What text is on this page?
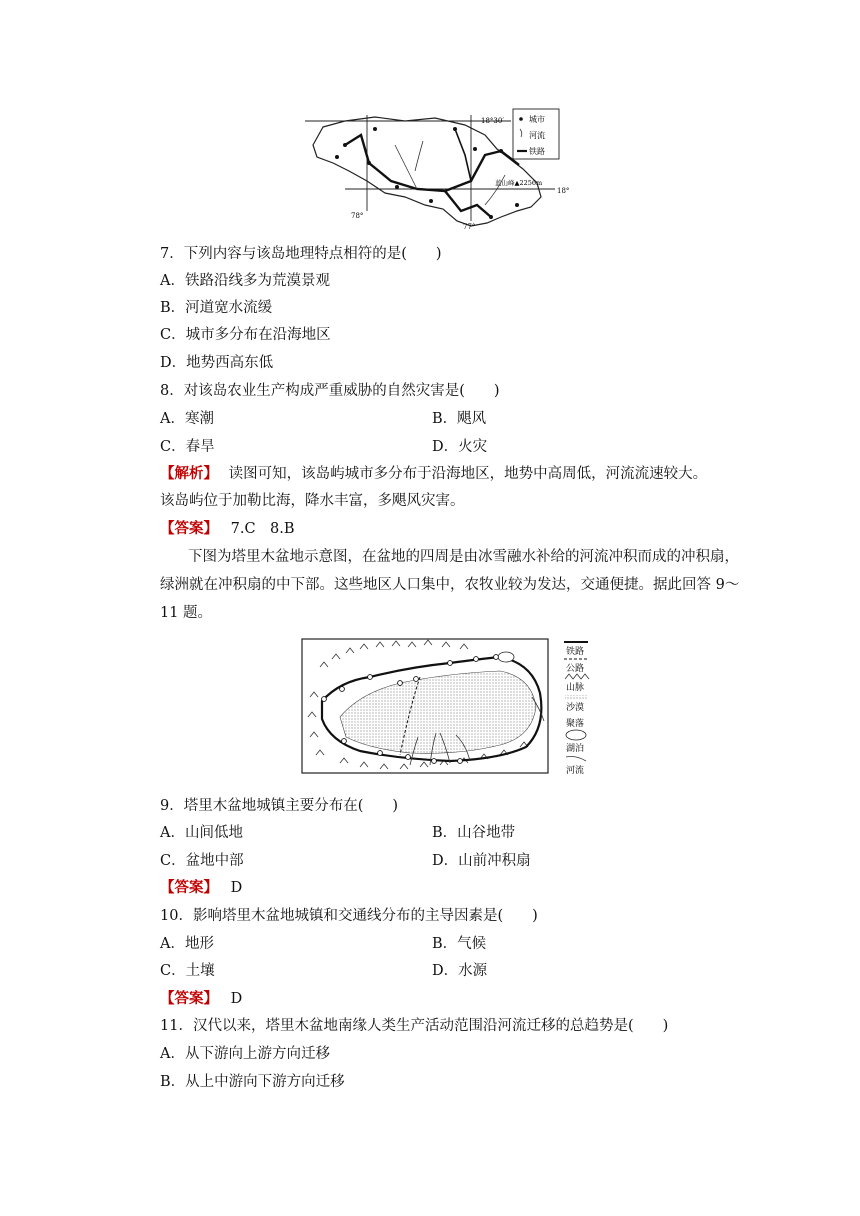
18°30′
18°
78°
77°
蓝山峰▲2256m
城市
河流
铁路
7．下列内容与该岛地理特点相符的是(　　)
A．铁路沿线多为荒漠景观
B．河道宽水流缓
C．城市多分布在沿海地区
D．地势西高东低
8．对该岛农业生产构成严重威胁的自然灾害是(　　)
A．寒潮	B．飓风
C．春旱	D．火灾
【解析】 读图可知，该岛屿城市多分布于沿海地区，地势中高周低，河流流速较大。
该岛屿位于加勒比海，降水丰富，多飓风灾害。
【答案】 7.C　8.B
下图为塔里木盆地示意图，在盆地的四周是由冰雪融水补给的河流冲积而成的冲积扇，
绿洲就在冲积扇的中下部。这些地区人口集中，农牧业较为发达，交通便捷。据此回答 9～
11 题。
铁路
公路
山脉
沙漠
聚落
湖泊
河流
9．塔里木盆地城镇主要分布在(　　)
A．山间低地	B．山谷地带
C．盆地中部	D．山前冲积扇
【答案】 D
10．影响塔里木盆地城镇和交通线分布的主导因素是(　　)
A．地形	B．气候
C．土壤	D．水源
【答案】 D
11．汉代以来，塔里木盆地南缘人类生产活动范围沿河流迁移的总趋势是(　　)
A．从下游向上游方向迁移
B．从上中游向下游方向迁移
